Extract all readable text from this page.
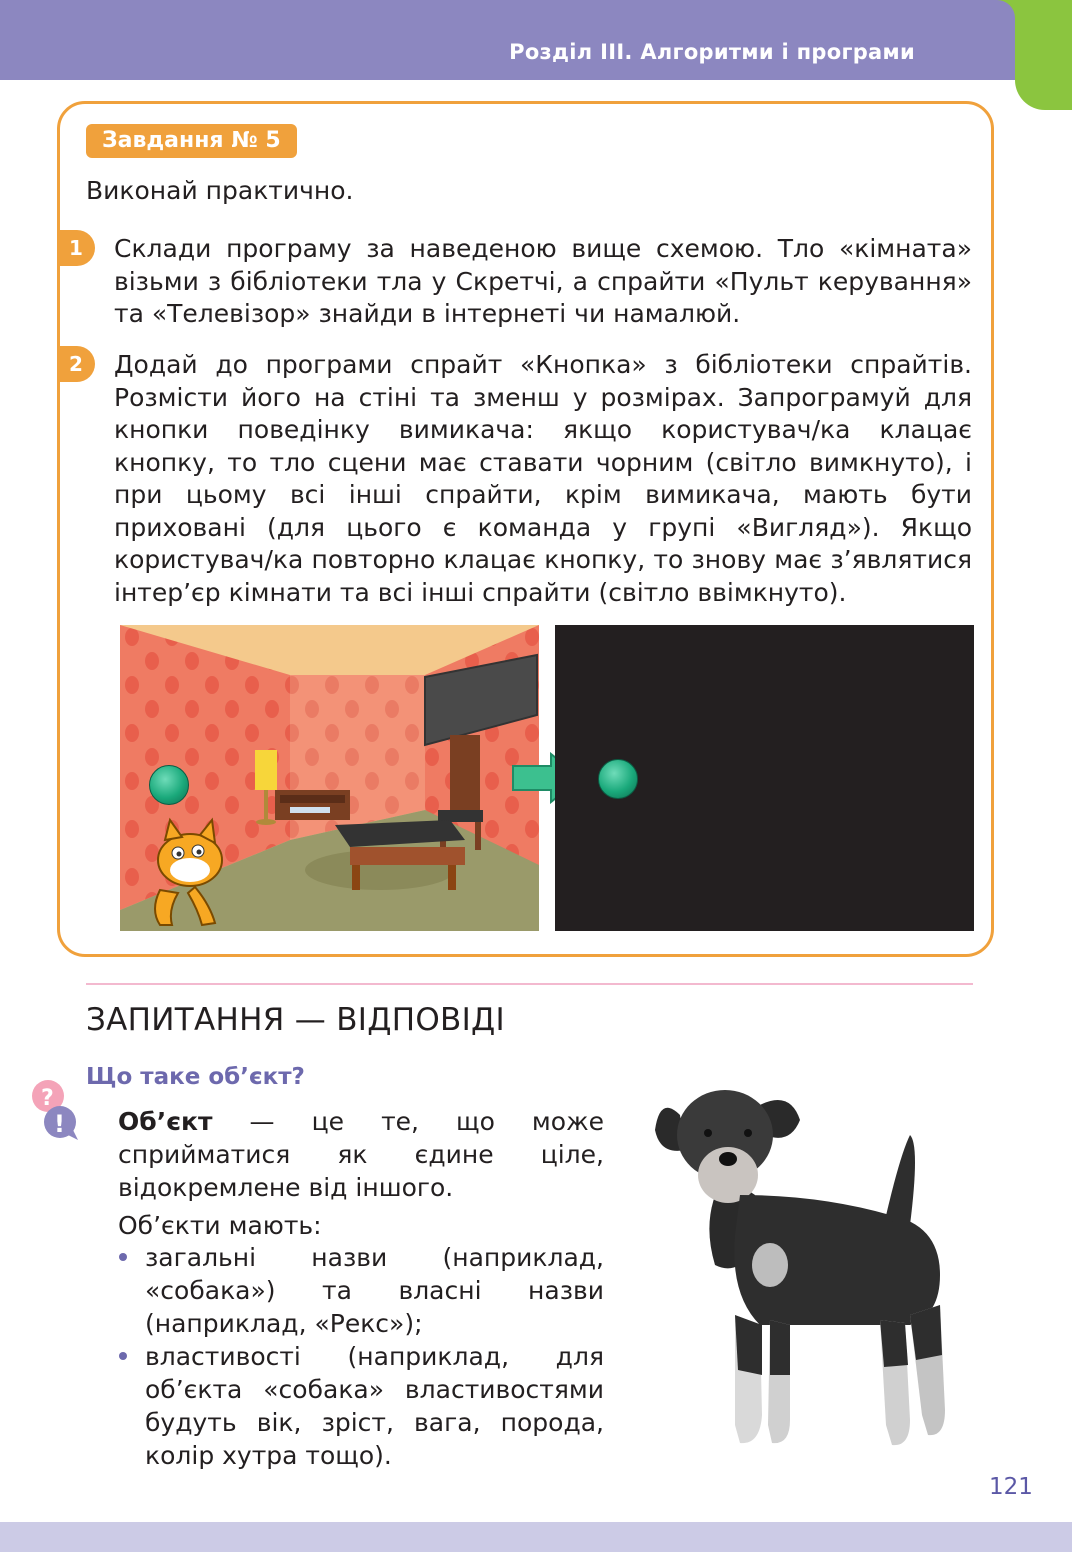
Розділ ІІІ. Алгоритми і програми
Завдання № 5
Виконай практично.
1	Склади програму за наведеною вище схемою. Тло «кімната» візьми з бібліотеки тла у Скретчі, а спрайти «Пульт керування» та «Телевізор» знайди в інтернеті чи намалюй.
2	Додай до програми спрайт «Кнопка» з бібліотеки спрайтів. Розмісти його на стіні та зменш у розмірах. Запрограмуй для кнопки поведінку вимикача: якщо користувач/ка клацає кнопку, то тло сцени має ставати чорним (світло вимкнуто), і при цьому всі інші спрайти, крім вимикача, мають бути приховані (для цього є команда у групі «Вигляд»). Якщо користувач/ка повторно клацає кнопку, то знову має з’являтися інтер’єр кімнати та всі інші спрайти (світло ввімкнуто).
ЗАПИТАННЯ — ВІДПОВІДІ
?
!
Що таке об’єкт?
Об’єкт — це те, що може сприйматися як єдине ціле, відокремлене від іншого.
Об’єкти мають:
загальні назви (наприклад, «собака») та власні назви (наприклад, «Рекс»);
властивості (наприклад, для об’єкта «собака» властивостями будуть вік, зріст, вага, порода, колір хутра тощо).
121
